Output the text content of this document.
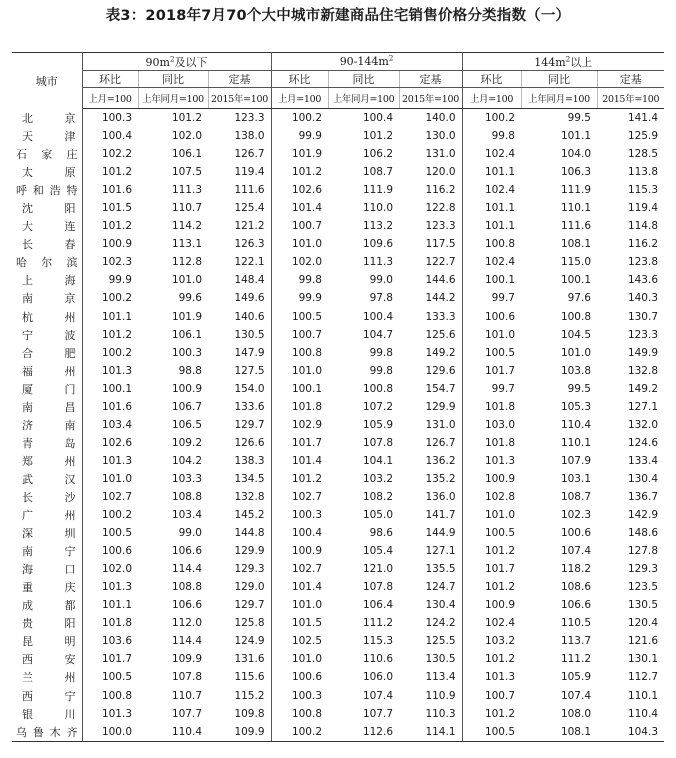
表3：2018年7月70个大中城市新建商品住宅销售价格分类指数（一）
城市	$90m^2$及以下			$90-144m^2$			$144m^2$以上		
	环比	同比	定基	环比	同比	定基	环比	同比	定基
	上月=100	上年同月=100	2015年=100	上月=100	上年同月=100	2015年=100	上月=100	上年同月=100	2015年=100
北京	100.3	101.2	123.3	100.2	100.4	140.0	100.2	99.5	141.4
天津	100.4	102.0	138.0	99.9	101.2	130.0	99.8	101.1	125.9
石家庄	102.2	106.1	126.7	101.9	106.2	131.0	102.4	104.0	128.5
太原	101.2	107.5	119.4	101.2	108.7	120.0	101.1	106.3	113.8
呼和浩特	101.6	111.3	111.6	102.6	111.9	116.2	102.4	111.9	115.3
沈阳	101.5	110.7	125.4	101.4	110.0	122.8	101.1	110.1	119.4
大连	101.2	114.2	121.2	100.7	113.2	123.3	101.1	111.6	114.8
长春	100.9	113.1	126.3	101.0	109.6	117.5	100.8	108.1	116.2
哈尔滨	102.3	112.8	122.1	102.0	111.3	122.7	102.4	115.0	123.8
上海	99.9	101.0	148.4	99.8	99.0	144.6	100.1	100.1	143.6
南京	100.2	99.6	149.6	99.9	97.8	144.2	99.7	97.6	140.3
杭州	101.1	101.9	140.6	100.5	100.4	133.3	100.6	100.8	130.7
宁波	101.2	106.1	130.5	100.7	104.7	125.6	101.0	104.5	123.3
合肥	100.2	100.3	147.9	100.8	99.8	149.2	100.5	101.0	149.9
福州	101.3	98.8	127.5	101.0	99.8	129.6	101.7	103.8	132.8
厦门	100.1	100.9	154.0	100.1	100.8	154.7	99.7	99.5	149.2
南昌	101.6	106.7	133.6	101.8	107.2	129.9	101.8	105.3	127.1
济南	103.4	106.5	129.7	102.9	105.9	131.0	103.0	110.4	132.0
青岛	102.6	109.2	126.6	101.7	107.8	126.7	101.8	110.1	124.6
郑州	101.3	104.2	138.3	101.4	104.1	136.2	101.3	107.9	133.4
武汉	101.0	103.3	134.5	101.2	103.2	135.2	100.9	103.1	130.4
长沙	102.7	108.8	132.8	102.7	108.2	136.0	102.8	108.7	136.7
广州	100.2	103.4	145.2	100.3	105.0	141.7	101.0	102.3	142.9
深圳	100.5	99.0	144.8	100.4	98.6	144.9	100.5	100.6	148.6
南宁	100.6	106.6	129.9	100.9	105.4	127.1	101.2	107.4	127.8
海口	102.0	114.4	129.3	102.7	121.0	135.5	101.7	118.2	129.3
重庆	101.3	108.8	129.0	101.4	107.8	124.7	101.2	108.6	123.5
成都	101.1	106.6	129.7	101.0	106.4	130.4	100.9	106.6	130.5
贵阳	101.8	112.0	125.8	101.5	111.2	124.2	102.4	110.5	120.4
昆明	103.6	114.4	124.9	102.5	115.3	125.5	103.2	113.7	121.6
西安	101.7	109.9	131.6	101.0	110.6	130.5	101.2	111.2	130.1
兰州	100.5	107.8	115.6	100.6	106.0	113.4	101.3	105.9	112.7
西宁	100.8	110.7	115.2	100.3	107.4	110.9	100.7	107.4	110.1
银川	101.3	107.7	109.8	100.8	107.7	110.3	101.2	108.0	110.4
乌鲁木齐	100.0	110.4	109.9	100.2	112.6	114.1	100.5	108.1	104.3
